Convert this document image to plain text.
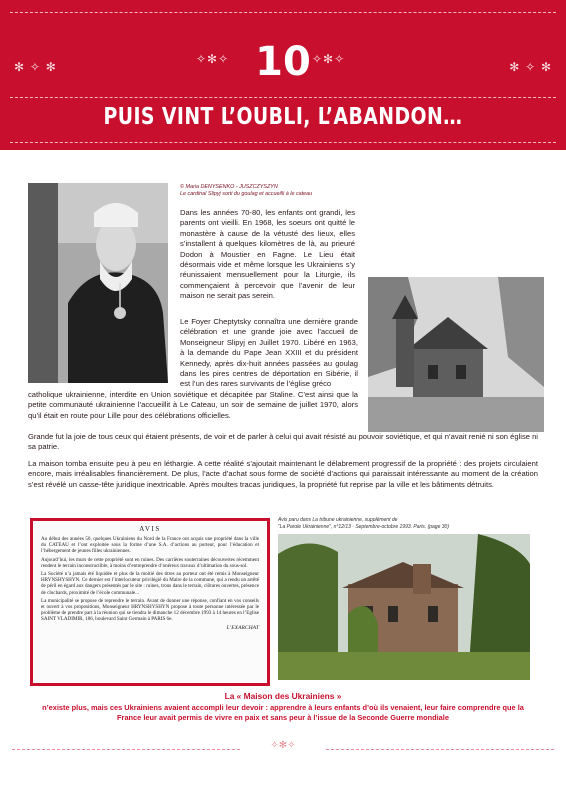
✻ ✧ ✻	✻ ✧ ✻
✧✻✧	✧✻✧
10
PUIS VINT L’OUBLI, L’ABANDON…
© Maria DENYSENKO - JUSZCZYSZYN
Le cardinal Slipyj sorti du goulag et accueilli à le cateau
Dans les années 70-80, les enfants ont grandi, les parents ont vieilli. En 1968, les soeurs ont quitté le monastère à cause de la vétusté des lieux, elles s’installent à quelques kilomètres de là, au prieuré Dodon à Moustier en Fagne. Le Lieu était désormais vide et même lorsque les Ukrainiens s’y réunissaient mensuellement pour la Liturgie, ils commençaient à percevoir que l’avenir de leur maison ne serait pas serein.
Le Foyer Cheptytsky connaîtra une dernière grande célébration et une grande joie avec l’accueil de Monseigneur Slipyj en Juillet 1970. Libéré en 1963, à la demande du Pape Jean XXIII et du président Kennedy, après dix-huit années passées au goulag dans les pires centres de déportation en Sibérie, il est l’un des rares survivants de l’église gréco
catholique ukrainienne, interdite en Union soviétique et décapitée par Staline. C’est ainsi que la petite communauté ukrainienne l’accueillit à Le Cateau, un soir de semaine de juillet 1970, alors qu’il était en route pour Lille pour des célébrations officielles.
Grande fut la joie de tous ceux qui étaient présents, de voir et de parler à celui qui avait résisté au pouvoir soviétique, et qui n’avait renié ni son église ni sa patrie.
La maison tomba ensuite peu à peu en léthargie. A cette réalité s’ajoutait maintenant le délabrement progressif de la propriété : des projets circulaient encore, mais irréalisables financièrement. De plus, l’acte d’achat sous forme de société d’actions qui paraissait intéressante au moment de la création s’est révélé un casse-tête juridique inextricable. Après moultes tracas juridiques, la propriété fut reprise par la ville et les bâtiments détruits.
AVIS
Au début des années 50, quelques Ukrainiens du Nord de la France ont acquis une propriété dans la ville du CATEAU et l’ont exploitée sous la forme d’une S.A. d’actions au porteur, pour l’éducation et l’hébergement de jeunes filles ukrainiennes.
Aujourd’hui, les murs de cette propriété sont en ruines. Des carrières souterraines découvertes récemment rendent le terrain inconstructible, à moins d’entreprendre d’onéreux travaux d’ultimation du sous-sol.
La Société n’a jamais été liquidée et plus de la moitié des titres au porteur ont été remis à Monseigneur HRYNSHYSHYN. Ce dernier est l’interlocuteur privilégié du Maire de la commune, qui a rendu un arrêté de péril en égard aux dangers présentés par le site : ruines, trous dans le terrain, clôtures ouvertes, présence de clochards, proximité de l’école communale...
La municipalité se propose de reprendre le terrain. Avant de donner une réponse, confiant en vos conseils et ouvert à vos propositions, Monseigneur HRYNSHYSHYN propose à toute personne intéressée par le problème de prendre part à la réunion qui se tiendra le dimanche 12 décembre 1993 à 14 heures en l’Eglise SAINT VLADIMIR, 186, boulevard Saint Germain à PARIS 6e.
L’EXARCHAT
Avis paru dans La tribune ukrainienne, supplément de
“La Parole Ukrainienne”, n°12/13 · Septembre-octobre 1993. Paris. (page 30)
La « Maison des Ukrainiens »
n’existe plus, mais ces Ukrainiens avaient accompli leur devoir : apprendre à leurs enfants d’où ils venaient, leur faire comprendre que la France leur avait permis de vivre en paix et sans peur à l’issue de la Seconde Guerre mondiale
✧✻✧
